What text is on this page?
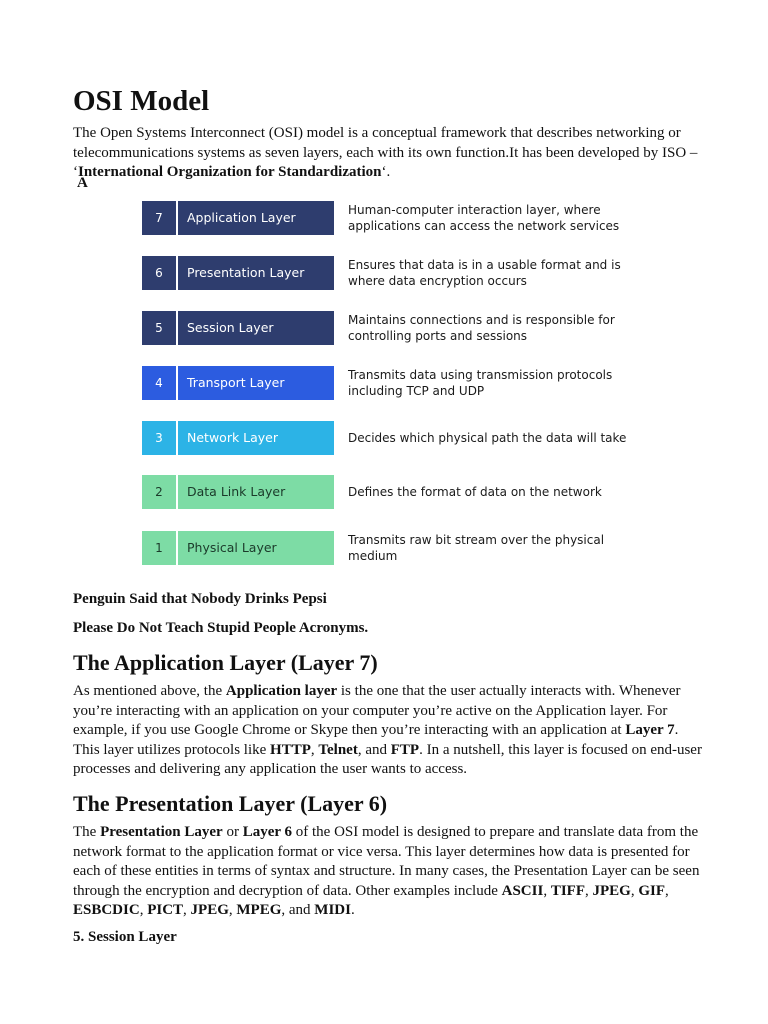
OSI Model

The Open Systems Interconnect (OSI) model is a conceptual framework that describes networking or telecommunications systems as seven layers, each with its own function.It has been developed by ISO – ‘International Organization for Standardization‘.

A
7	Application Layer	Human-computer interaction layer, where applications can access the network services
6	Presentation Layer	Ensures that data is in a usable format and is where data encryption occurs
5	Session Layer	Maintains connections and is responsible for controlling ports and sessions
4	Transport Layer	Transmits data using transmission protocols including TCP and UDP
3	Network Layer	Decides which physical path the data will take
2	Data Link Layer	Defines the format of data on the network
1	Physical Layer	Transmits raw bit stream over the physical medium
Penguin Said that Nobody Drinks Pepsi
Please Do Not Teach Stupid People Acronyms.
The Application Layer (Layer 7)

As mentioned above, the Application layer is the one that the user actually interacts with. Whenever you’re interacting with an application on your computer you’re active on the Application layer. For example, if you use Google Chrome or Skype then you’re interacting with an application at Layer 7. This layer utilizes protocols like HTTP, Telnet, and FTP. In a nutshell, this layer is focused on end-user processes and delivering any application the user wants to access.

The Presentation Layer (Layer 6)

The Presentation Layer or Layer 6 of the OSI model is designed to prepare and translate data from the network format to the application format or vice versa. This layer determines how data is presented for each of these entities in terms of syntax and structure. In many cases, the Presentation Layer can be seen through the encryption and decryption of data. Other examples include ASCII, TIFF, JPEG, GIF, ESBCDIC, PICT, JPEG, MPEG, and MIDI.

5. Session Layer
